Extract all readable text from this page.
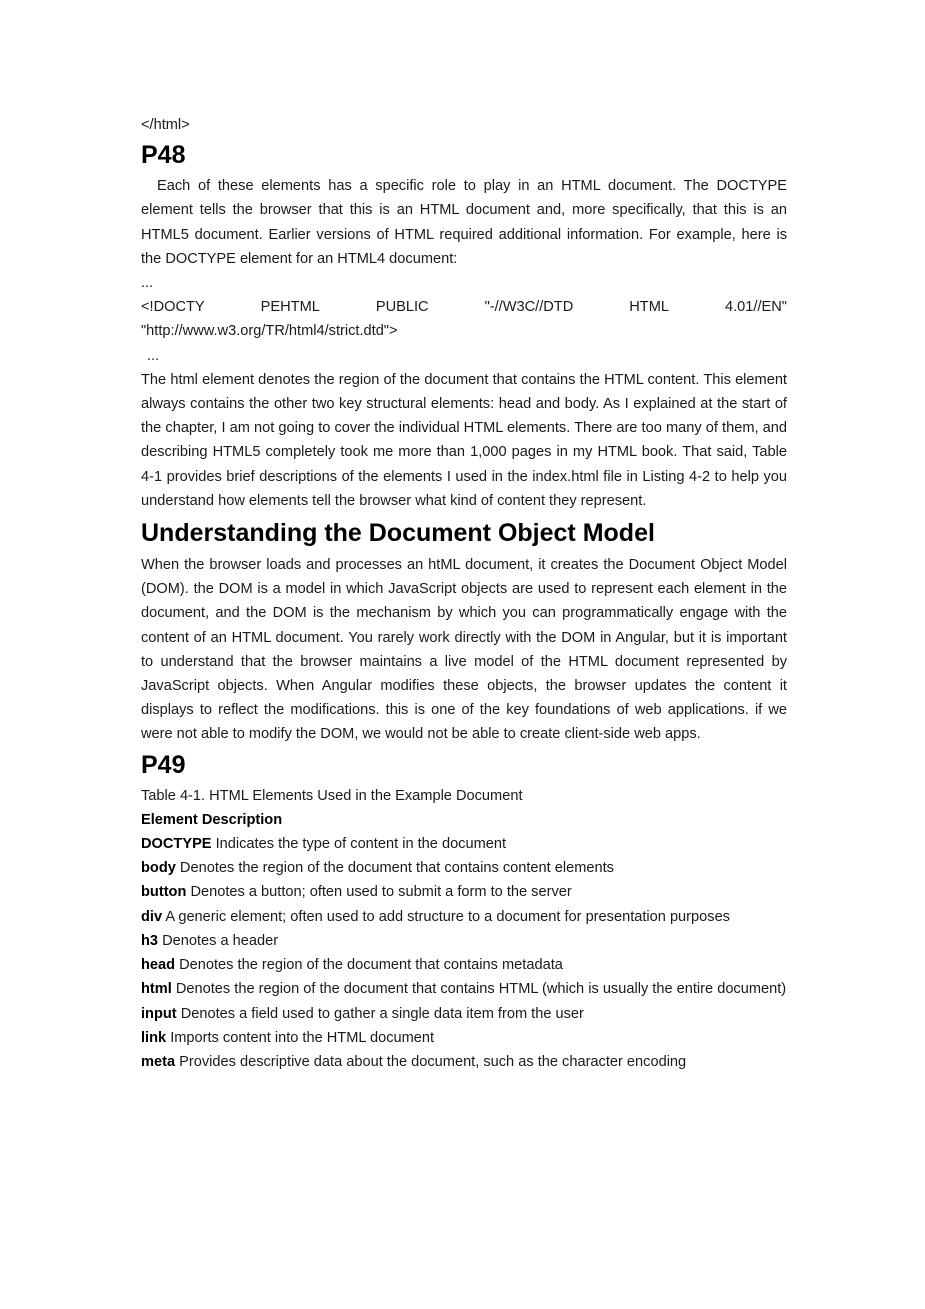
</html>

P48

Each of these elements has a specific role to play in an HTML document. The DOCTYPE element tells the browser that this is an HTML document and, more specifically, that this is an HTML5 document. Earlier versions of HTML required additional information. For example, here is the DOCTYPE element for an HTML4 document:

...

<!DOCTY	PEHTML	PUBLIC	"-//W3C//DTD	HTML	4.01//EN"

"http://www.w3.org/TR/html4/strict.dtd">

...

The html element denotes the region of the document that contains the HTML content. This element always contains the other two key structural elements: head and body. As I explained at the start of the chapter, I am not going to cover the individual HTML elements. There are too many of them, and describing HTML5 completely took me more than 1,000 pages in my HTML book. That said, Table 4-1 provides brief descriptions of the elements I used in the index.html file in Listing 4-2 to help you understand how elements tell the browser what kind of content they represent.

Understanding the Document Object Model

When the browser loads and processes an htML document, it creates the Document Object Model (DOM). the DOM is a model in which JavaScript objects are used to represent each element in the document, and the DOM is the mechanism by which you can programmatically engage with the content of an HTML document. You rarely work directly with the DOM in Angular, but it is important to understand that the browser maintains a live model of the HTML document represented by JavaScript objects. When Angular modifies these objects, the browser updates the content it displays to reflect the modifications. this is one of the key foundations of web applications. if we were not able to modify the DOM, we would not be able to create client-side web apps.

P49

Table 4-1. HTML Elements Used in the Example Document

Element Description

DOCTYPE Indicates the type of content in the document

body Denotes the region of the document that contains content elements

button Denotes a button; often used to submit a form to the server

div A generic element; often used to add structure to a document for presentation purposes

h3 Denotes a header

head Denotes the region of the document that contains metadata

html Denotes the region of the document that contains HTML (which is usually the entire document)

input Denotes a field used to gather a single data item from the user

link Imports content into the HTML document

meta Provides descriptive data about the document, such as the character encoding
